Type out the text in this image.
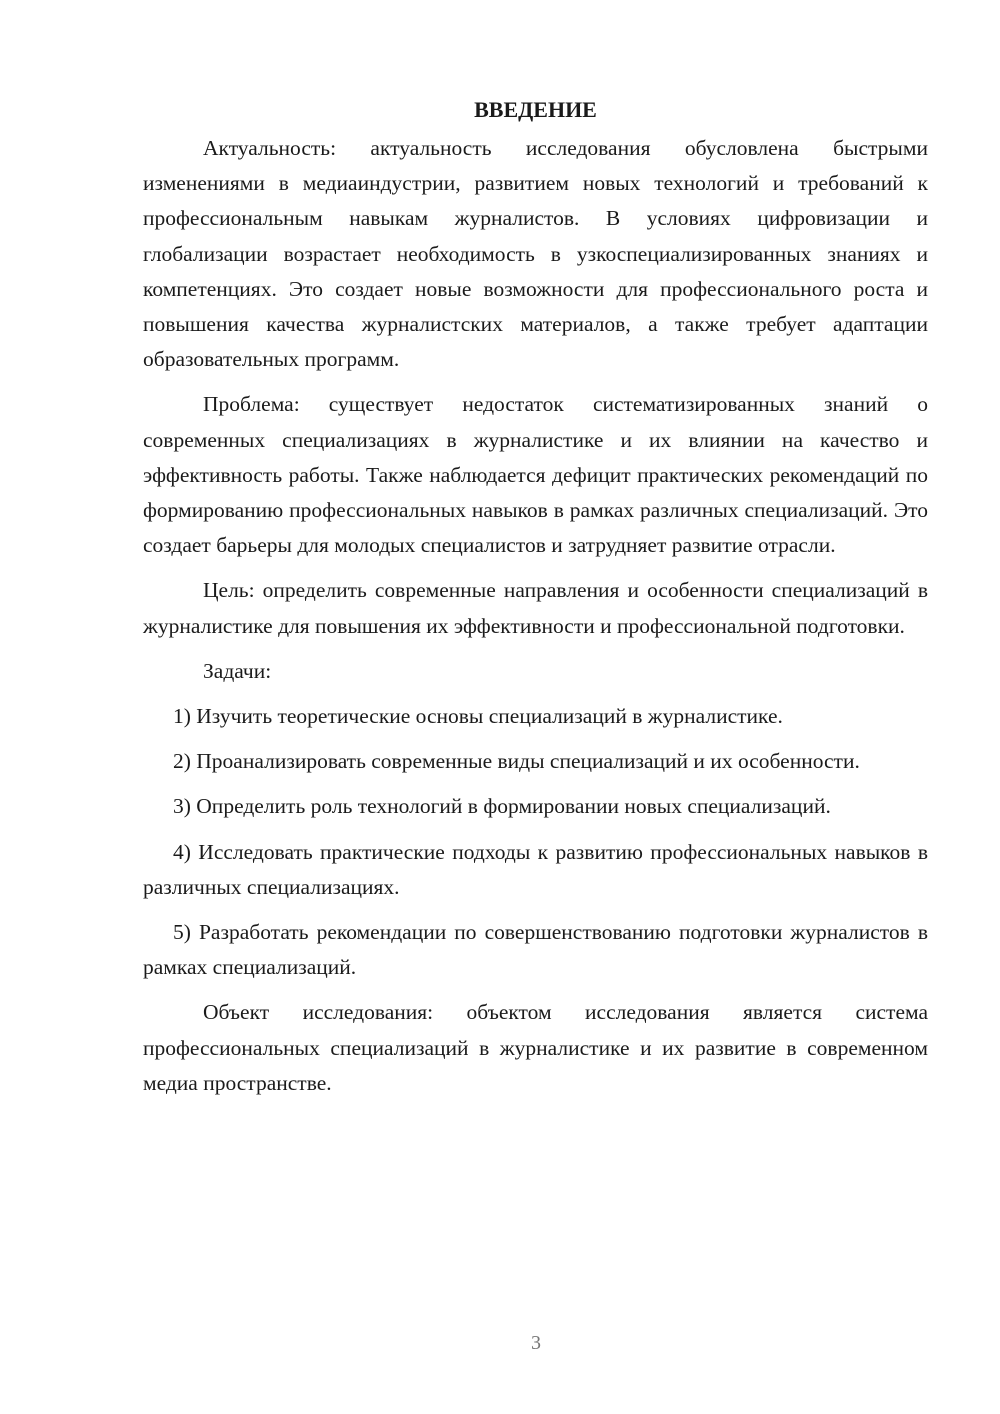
ВВЕДЕНИЕ

Актуальность: актуальность исследования обусловлена быстрыми изменениями в медиаиндустрии, развитием новых технологий и требований к профессиональным навыкам журналистов. В условиях цифровизации и глобализации возрастает необходимость в узкоспециализированных знаниях и компетенциях. Это создает новые возможности для профессионального роста и повышения качества журналистских материалов, а также требует адаптации образовательных программ.

Проблема: существует недостаток систематизированных знаний о современных специализациях в журналистике и их влиянии на качество и эффективность работы. Также наблюдается дефицит практических рекомендаций по формированию профессиональных навыков в рамках различных специализаций. Это создает барьеры для молодых специалистов и затрудняет развитие отрасли.

Цель: определить современные направления и особенности специализаций в журналистике для повышения их эффективности и профессиональной подготовки.

Задачи:

1) Изучить теоретические основы специализаций в журналистике.

2) Проанализировать современные виды специализаций и их особенности.

3) Определить роль технологий в формировании новых специализаций.

4) Исследовать практические подходы к развитию профессиональных навыков в различных специализациях.

5) Разработать рекомендации по совершенствованию подготовки журналистов в рамках специализаций.

Объект исследования: объектом исследования является система профессиональных специализаций в журналистике и их развитие в современном медиа пространстве.

3
